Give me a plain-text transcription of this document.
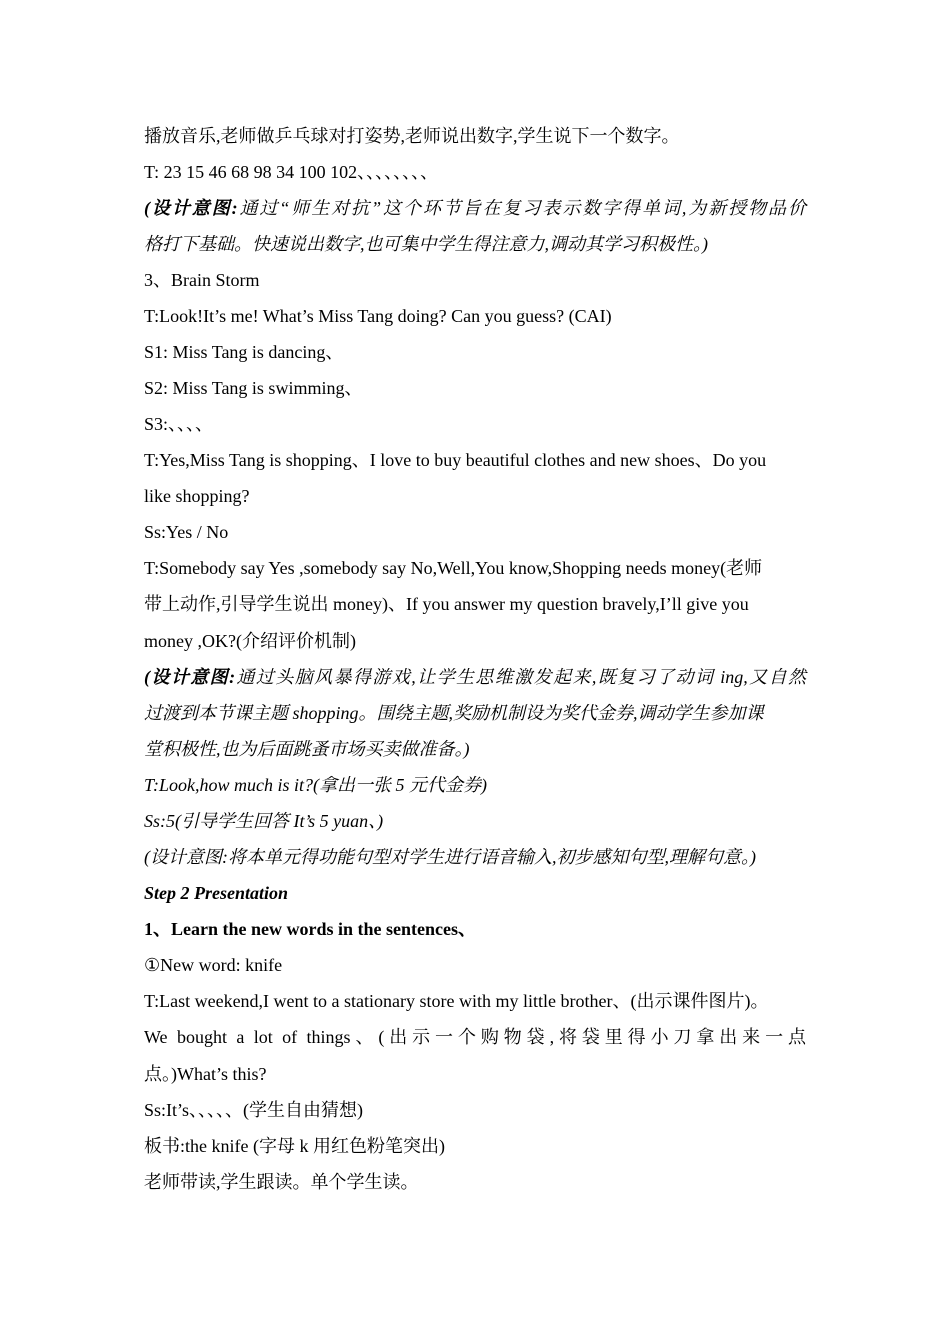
播放音乐,老师做乒乓球对打姿势,老师说出数字,学生说下一个数字。
T: 23 15 46 68 98 34 100 102、、、、、、、、
(设计意图:通过“师生对抗”这个环节旨在复习表示数字得单词,为新授物品价
格打下基础。快速说出数字,也可集中学生得注意力,调动其学习积极性。)
3、Brain Storm
T:Look!It’s me! What’s Miss Tang doing? Can you guess? (CAI)
S1: Miss Tang is dancing、
S2: Miss Tang is swimming、
S3:、、、、
T:Yes,Miss Tang is shopping、I love to buy beautiful clothes and new shoes、Do you
like shopping?
Ss:Yes / No
T:Somebody say Yes ,somebody say No,Well,You know,Shopping needs money(老师
带上动作,引导学生说出 money)、If you answer my question bravely,I’ll give you
money ,OK?(介绍评价机制)
(设计意图:通过头脑风暴得游戏,让学生思维激发起来,既复习了动词 ing,又自然
过渡到本节课主题 shopping。围绕主题,奖励机制设为奖代金券,调动学生参加课
堂积极性,也为后面跳蚤市场买卖做准备。)
T:Look,how much is it?(拿出一张 5 元代金券)
Ss:5(引导学生回答 It’s 5 yuan、)
(设计意图:将本单元得功能句型对学生进行语音输入,初步感知句型,理解句意。)
Step 2 Presentation
1、Learn the new words in the sentences、
①New word: knife
T:Last weekend,I went to a stationary store with my little brother、(出示课件图片)。
We bought a lot of things、(出示一个购物袋,将袋里得小刀拿出来一点
点。)What’s this?
Ss:It’s、、、、、(学生自由猜想)
板书:the knife (字母 k 用红色粉笔突出)
老师带读,学生跟读。单个学生读。
